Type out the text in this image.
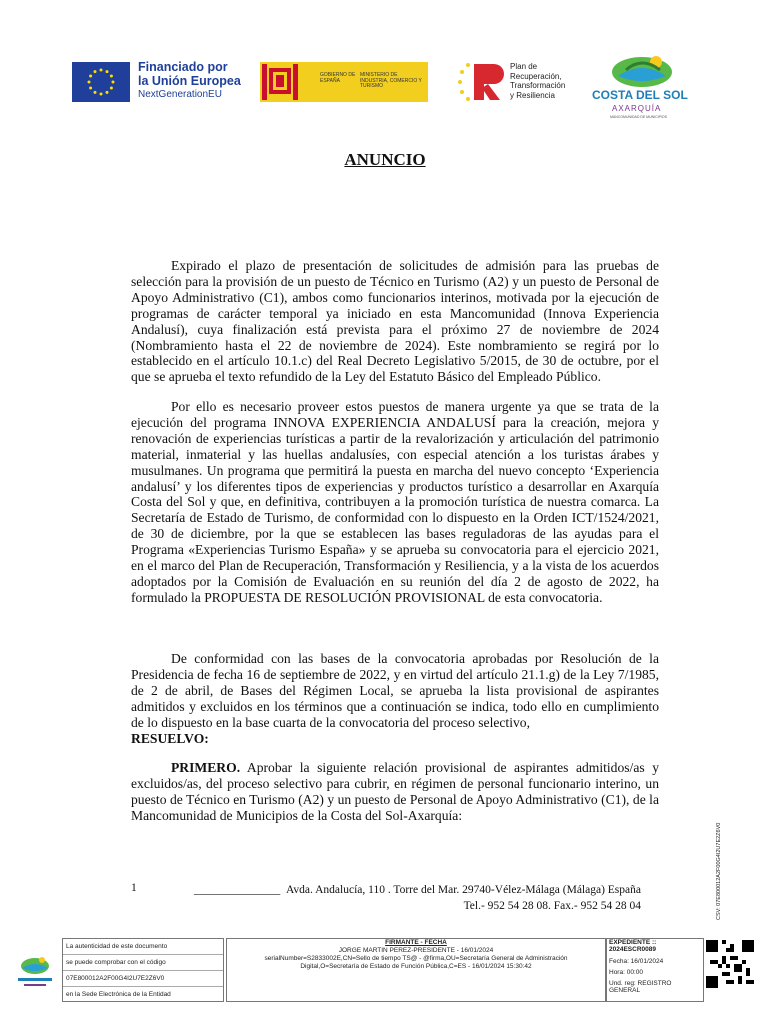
Financiado por
la Unión Europea
NextGenerationEU
GOBIERNO DE ESPAÑA
MINISTERIO DE INDUSTRIA, COMERCIO Y TURISMO
Plan de
Recuperación,
Transformación
y Resiliencia	COSTA DEL SOL
AXARQUÍA
MANCOMUNIDAD DE MUNICIPIOS
ANUNCIO

Expirado el plazo de presentación de solicitudes de admisión para las pruebas de selección para la provisión de un puesto de Técnico en Turismo (A2) y un puesto de Personal de Apoyo Administrativo (C1), ambos como funcionarios interinos, motivada por la ejecución de programas de carácter temporal ya iniciado en esta Mancomunidad (Innova Experiencia Andalusí), cuya finalización está prevista para el próximo 27 de noviembre de 2024 (Nombramiento hasta el 22 de noviembre de 2024). Este nombramiento se regirá por lo establecido en el artículo 10.1.c) del Real Decreto Legislativo 5/2015, de 30 de octubre, por el que se aprueba el texto refundido de la Ley del Estatuto Básico del Empleado Público.

Por ello es necesario proveer estos puestos de manera urgente ya que se trata de la ejecución del programa INNOVA EXPERIENCIA ANDALUSÍ para la creación, mejora y renovación de experiencias turísticas a partir de la revalorización y articulación del patrimonio material, inmaterial y las huellas andalusíes, con especial atención a los turistas árabes y musulmanes. Un programa que permitirá la puesta en marcha del nuevo concepto ‘Experiencia andalusí’ y los diferentes tipos de experiencias y productos turístico a desarrollar en Axarquía Costa del Sol y que, en definitiva, contribuyen a la promoción turística de nuestra comarca. La Secretaría de Estado de Turismo, de conformidad con lo dispuesto en la Orden ICT/1524/2021, de 30 de diciembre, por la que se establecen las bases reguladoras de las ayudas para el Programa «Experiencias Turismo España» y se aprueba su convocatoria para el ejercicio 2021, en el marco del Plan de Recuperación, Transformación y Resiliencia, y a la vista de los acuerdos adoptados por la Comisión de Evaluación en su reunión del día 2 de agosto de 2022, ha formulado la PROPUESTA DE RESOLUCIÓN PROVISIONAL de esta convocatoria.

De conformidad con las bases de la convocatoria aprobadas por Resolución de la Presidencia de fecha 16 de septiembre de 2022, y en virtud del artículo 21.1.g) de la Ley 7/1985, de 2 de abril, de Bases del Régimen Local, se aprueba la lista provisional de aspirantes admitidos y excluidos en los términos que a continuación se indica, todo ello en cumplimiento de lo dispuesto en la base cuarta de la convocatoria del proceso selectivo,
RESUELVO:

PRIMERO. Aprobar la siguiente relación provisional de aspirantes admitidos/as y excluidos/as, del proceso selectivo para cubrir, en régimen de personal funcionario interino, un puesto de Técnico en Turismo (A2) y un puesto de Personal de Apoyo Administrativo (C1), de la Mancomunidad de Municipios de la Costa del Sol-Axarquía:

1	_______________ Avda. Andalucía, 110 . Torre del Mar. 29740-Vélez-Málaga (Málaga) España
Tel.- 952 54 28 08. Fax.- 952 54 28 04	CSV: 07E800012A2F00G4I2U7E2Z6V0
La autenticidad de este documento
se puede comprobar con el código
07E800012A2F00G4I2U7E2Z6V0
en la Sede Electrónica de la Entidad
FIRMANTE - FECHA
JORGE MARTIN PEREZ-PRESIDENTE - 16/01/2024
serialNumber=S2833002E,CN=Sello de tiempo TS@ - @firma,OU=Secretaría General de Administración
Digital,O=Secretaría de Estado de Función Pública,C=ES - 16/01/2024 15:30:42
EXPEDIENTE ::
2024ESCR0089
Fecha: 16/01/2024
Hora: 00:00
Und. reg: REGISTRO GENERAL
